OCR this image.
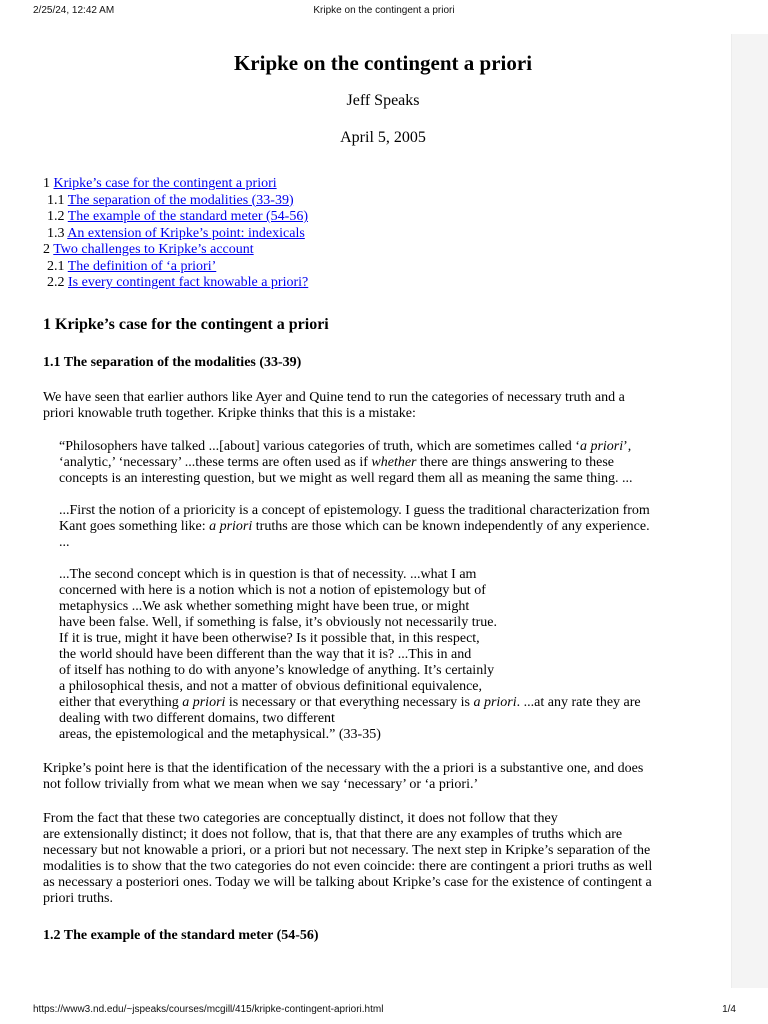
2/25/24, 12:42 AM	Kripke on the contingent a priori
Kripke on the contingent a priori
Jeff Speaks
April 5, 2005
1 Kripke’s case for the contingent a priori
1.1 The separation of the modalities (33-39)
1.2 The example of the standard meter (54-56)
1.3 An extension of Kripke’s point: indexicals
2 Two challenges to Kripke’s account
2.1 The definition of ‘a priori’
2.2 Is every contingent fact knowable a priori?
1 Kripke’s case for the contingent a priori
1.1 The separation of the modalities (33-39)

We have seen that earlier authors like Ayer and Quine tend to run the categories of necessary truth and a
priori knowable truth together. Kripke thinks that this is a mistake:

“Philosophers have talked ...[about] various categories of truth, which are sometimes called ‘a priori’,
‘analytic,’ ‘necessary’ ...these terms are often used as if whether there are things answering to these
concepts is an interesting question, but we might as well regard them all as meaning the same thing. ...

...First the notion of a prioricity is a concept of epistemology. I guess the traditional characterization from
Kant goes something like: a priori truths are those which can be known independently of any experience.
...

...The second concept which is in question is that of necessity. ...what I am
concerned with here is a notion which is not a notion of epistemology but of
metaphysics ...We ask whether something might have been true, or might
have been false. Well, if something is false, it’s obviously not necessarily true.
If it is true, might it have been otherwise? Is it possible that, in this respect,
the world should have been different than the way that it is? ...This in and
of itself has nothing to do with anyone’s knowledge of anything. It’s certainly
a philosophical thesis, and not a matter of obvious definitional equivalence,
either that everything a priori is necessary or that everything necessary is a priori. ...at any rate they are
dealing with two different domains, two different
areas, the epistemological and the metaphysical.” (33-35)

Kripke’s point here is that the identification of the necessary with the a priori is a substantive one, and does
not follow trivially from what we mean when we say ‘necessary’ or ‘a priori.’

From the fact that these two categories are conceptually distinct, it does not follow that they
are extensionally distinct; it does not follow, that is, that that there are any examples of truths which are
necessary but not knowable a priori, or a priori but not necessary. The next step in Kripke’s separation of the
modalities is to show that the two categories do not even coincide: there are contingent a priori truths as well
as necessary a posteriori ones. Today we will be talking about Kripke’s case for the existence of contingent a
priori truths.

1.2 The example of the standard meter (54-56)
https://www3.nd.edu/~jspeaks/courses/mcgill/415/kripke-contingent-apriori.html	1/4
